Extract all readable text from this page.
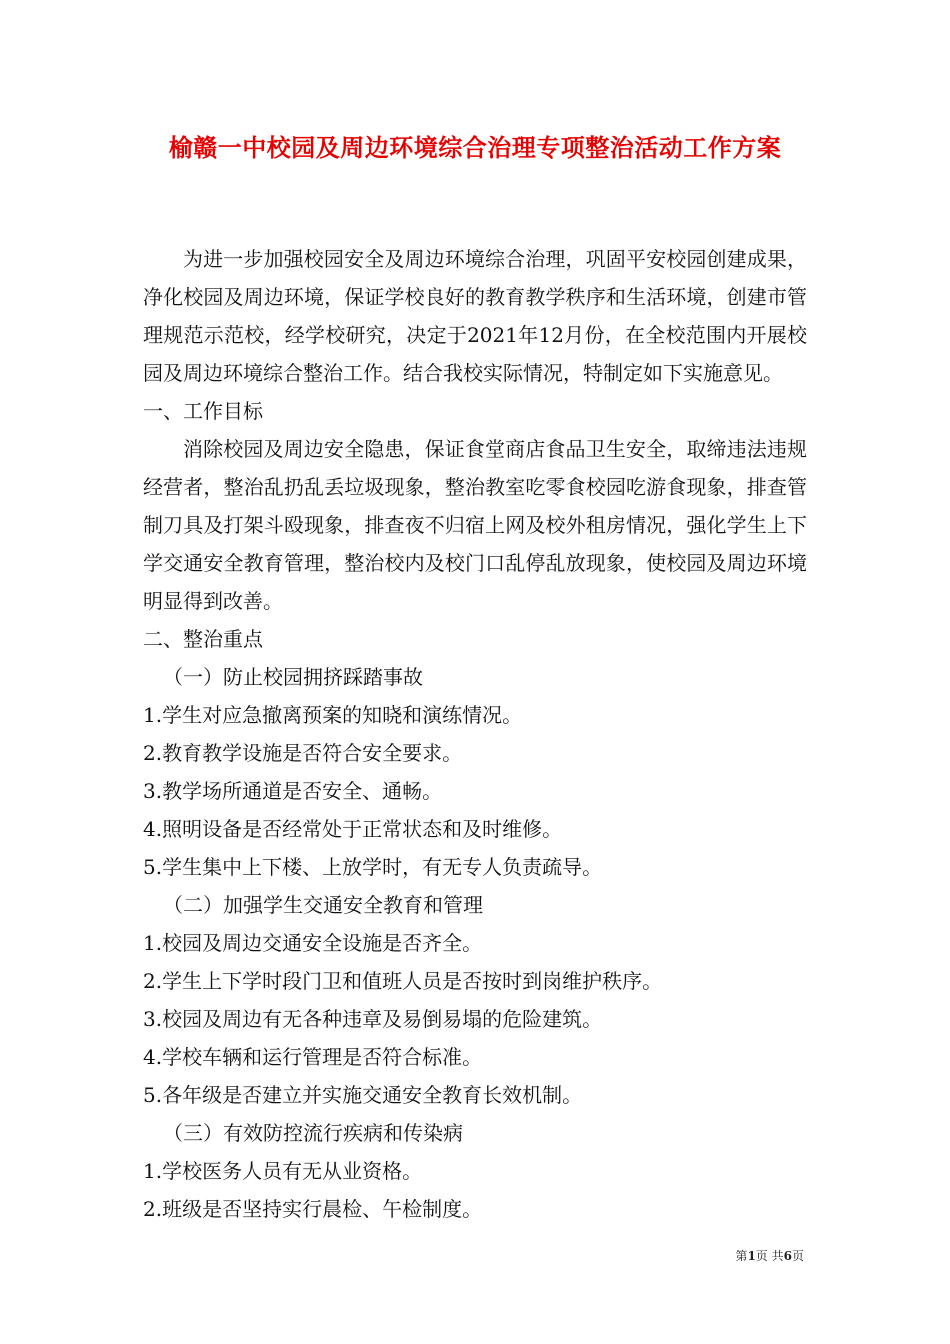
榆赣一中校园及周边环境综合治理专项整治活动工作方案

为进一步加强校园安全及周边环境综合治理，巩固平安校园创建成果，净化校园及周边环境，保证学校良好的教育教学秩序和生活环境，创建市管理规范示范校，经学校研究，决定于2021年12月份，在全校范围内开展校园及周边环境综合整治工作。结合我校实际情况，特制定如下实施意见。

一、工作目标

消除校园及周边安全隐患，保证食堂商店食品卫生安全，取缔违法违规经营者，整治乱扔乱丢垃圾现象，整治教室吃零食校园吃游食现象，排查管制刀具及打架斗殴现象，排查夜不归宿上网及校外租房情况，强化学生上下学交通安全教育管理，整治校内及校门口乱停乱放现象，使校园及周边环境明显得到改善。

二、整治重点

（一）防止校园拥挤踩踏事故

1.学生对应急撤离预案的知晓和演练情况。

2.教育教学设施是否符合安全要求。

3.教学场所通道是否安全、通畅。

4.照明设备是否经常处于正常状态和及时维修。

5.学生集中上下楼、上放学时，有无专人负责疏导。

（二）加强学生交通安全教育和管理

1.校园及周边交通安全设施是否齐全。

2.学生上下学时段门卫和值班人员是否按时到岗维护秩序。

3.校园及周边有无各种违章及易倒易塌的危险建筑。

4.学校车辆和运行管理是否符合标准。

5.各年级是否建立并实施交通安全教育长效机制。

（三）有效防控流行疾病和传染病

1.学校医务人员有无从业资格。

2.班级是否坚持实行晨检、午检制度。

第1页 共6页
